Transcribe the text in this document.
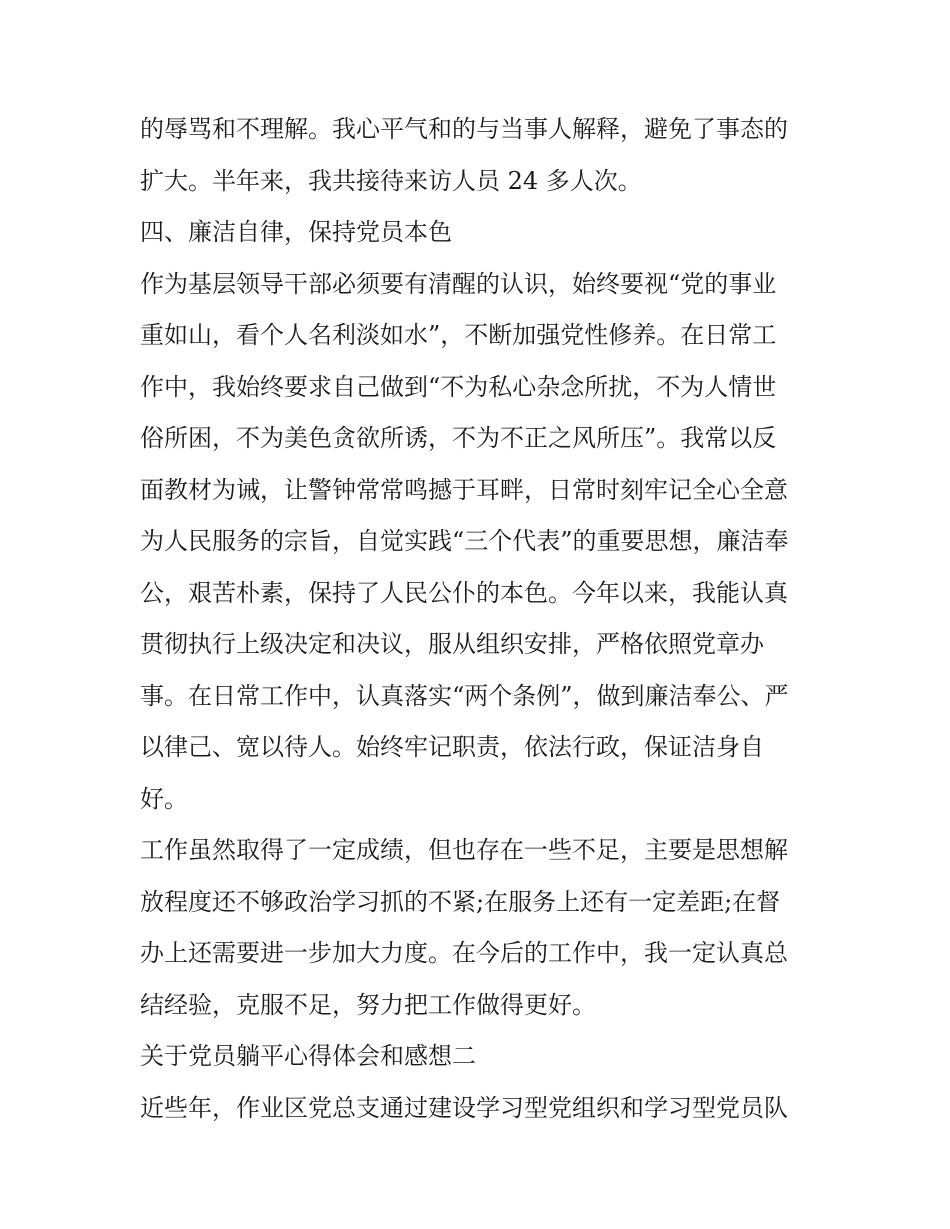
的辱骂和不理解。我心平气和的与当事人解释，避免了事态的
扩大。半年来，我共接待来访人员 24 多人次。
四、廉洁自律，保持党员本色
作为基层领导干部必须要有清醒的认识，始终要视“党的事业
重如山，看个人名利淡如水”，不断加强党性修养。在日常工
作中，我始终要求自己做到“不为私心杂念所扰，不为人情世
俗所困，不为美色贪欲所诱，不为不正之风所压”。我常以反
面教材为诫，让警钟常常鸣撼于耳畔，日常时刻牢记全心全意
为人民服务的宗旨，自觉实践“三个代表”的重要思想，廉洁奉
公，艰苦朴素，保持了人民公仆的本色。今年以来，我能认真
贯彻执行上级决定和决议，服从组织安排，严格依照党章办
事。在日常工作中，认真落实“两个条例”，做到廉洁奉公、严
以律己、宽以待人。始终牢记职责，依法行政，保证洁身自
好。
工作虽然取得了一定成绩，但也存在一些不足，主要是思想解
放程度还不够政治学习抓的不紧;在服务上还有一定差距;在督
办上还需要进一步加大力度。在今后的工作中，我一定认真总
结经验，克服不足，努力把工作做得更好。
关于党员躺平心得体会和感想二
近些年，作业区党总支通过建设学习型党组织和学习型党员队
